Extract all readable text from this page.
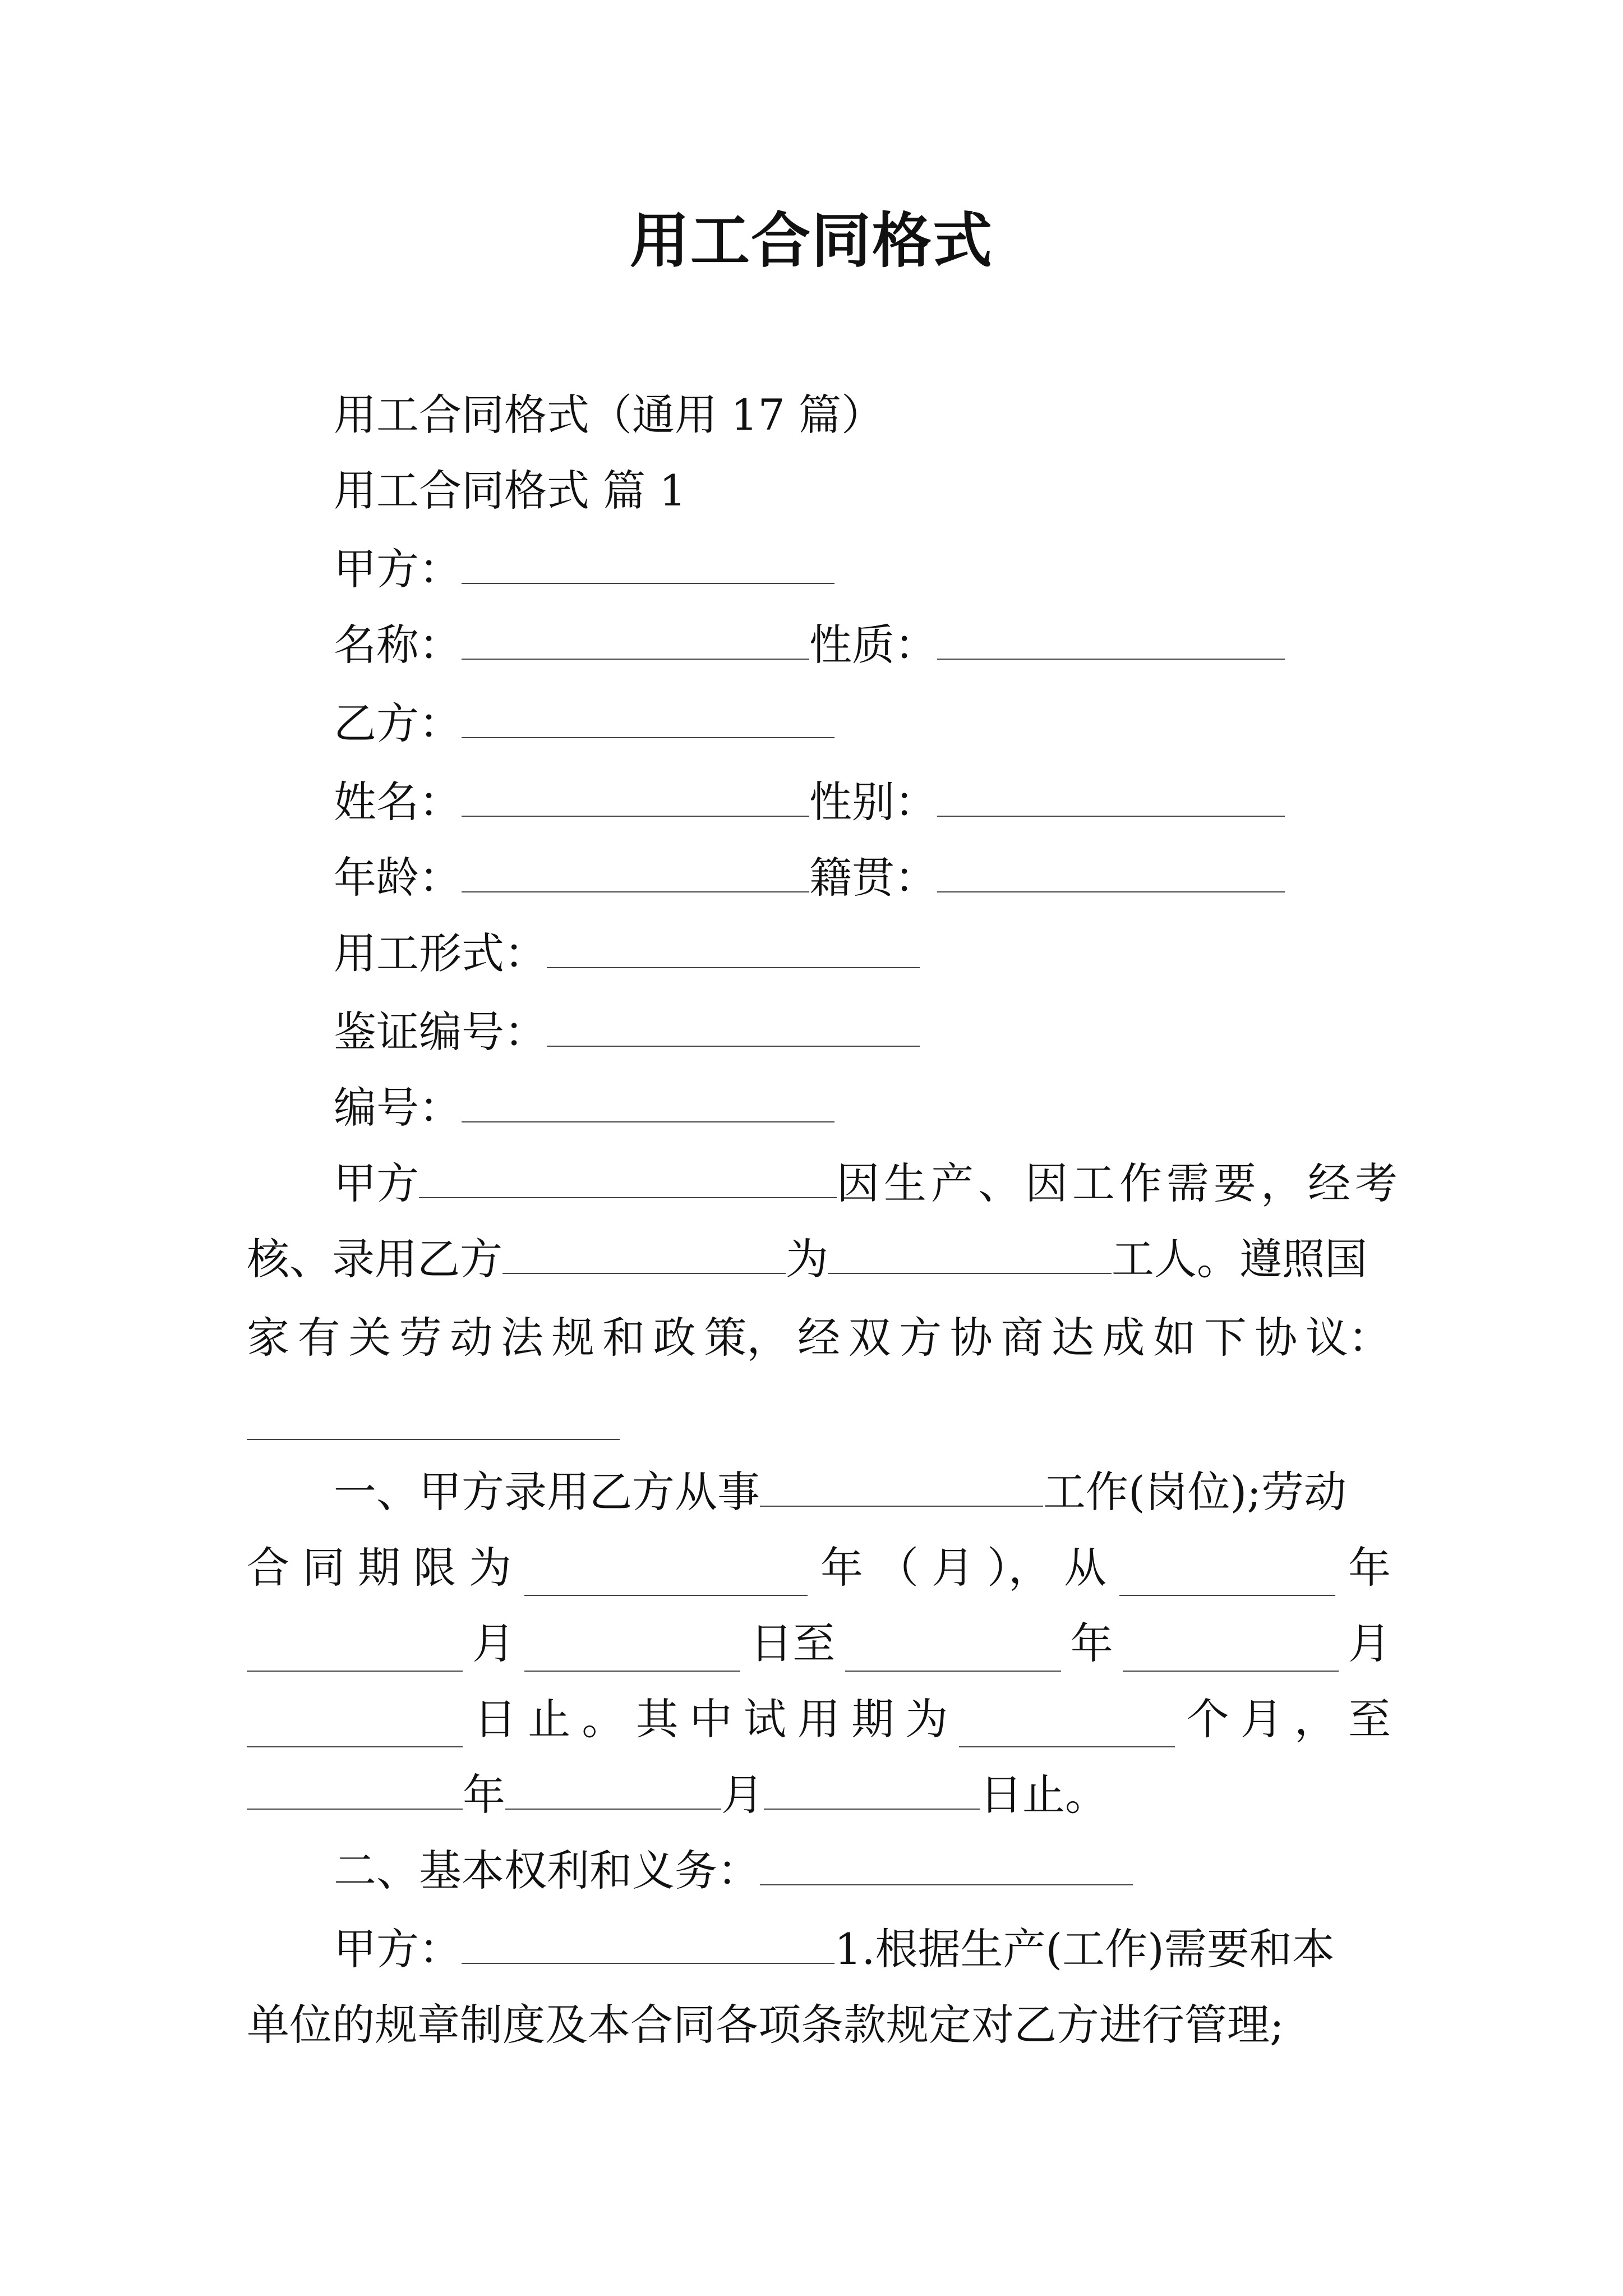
用工合同格式
用工合同格式（通用 17 篇）
用工合同格式 篇 1
甲方：
名称：	性质：
乙方：
姓名：	性别：
年龄：	籍贯：
用工形式：
鉴证编号：
编号：
甲方	因生产、因工作需要，经考
核、录用乙方	为	工人。遵照国
家 有 关 劳 动 法 规 和 政 策， 经 双 方 协 商 达 成 如 下 协 议：
一、甲方录用乙方从事	工作(岗位);劳动
合 同 期 限 为	年 （ 月 ）， 从	年
月	日至	年	月
日 止 。 其 中 试 用 期 为	个 月 ， 至
年	月	日止。
二、基本权利和义务：
甲方：	1.根据生产(工作)需要和本
单位的规章制度及本合同各项条款规定对乙方进行管理;
